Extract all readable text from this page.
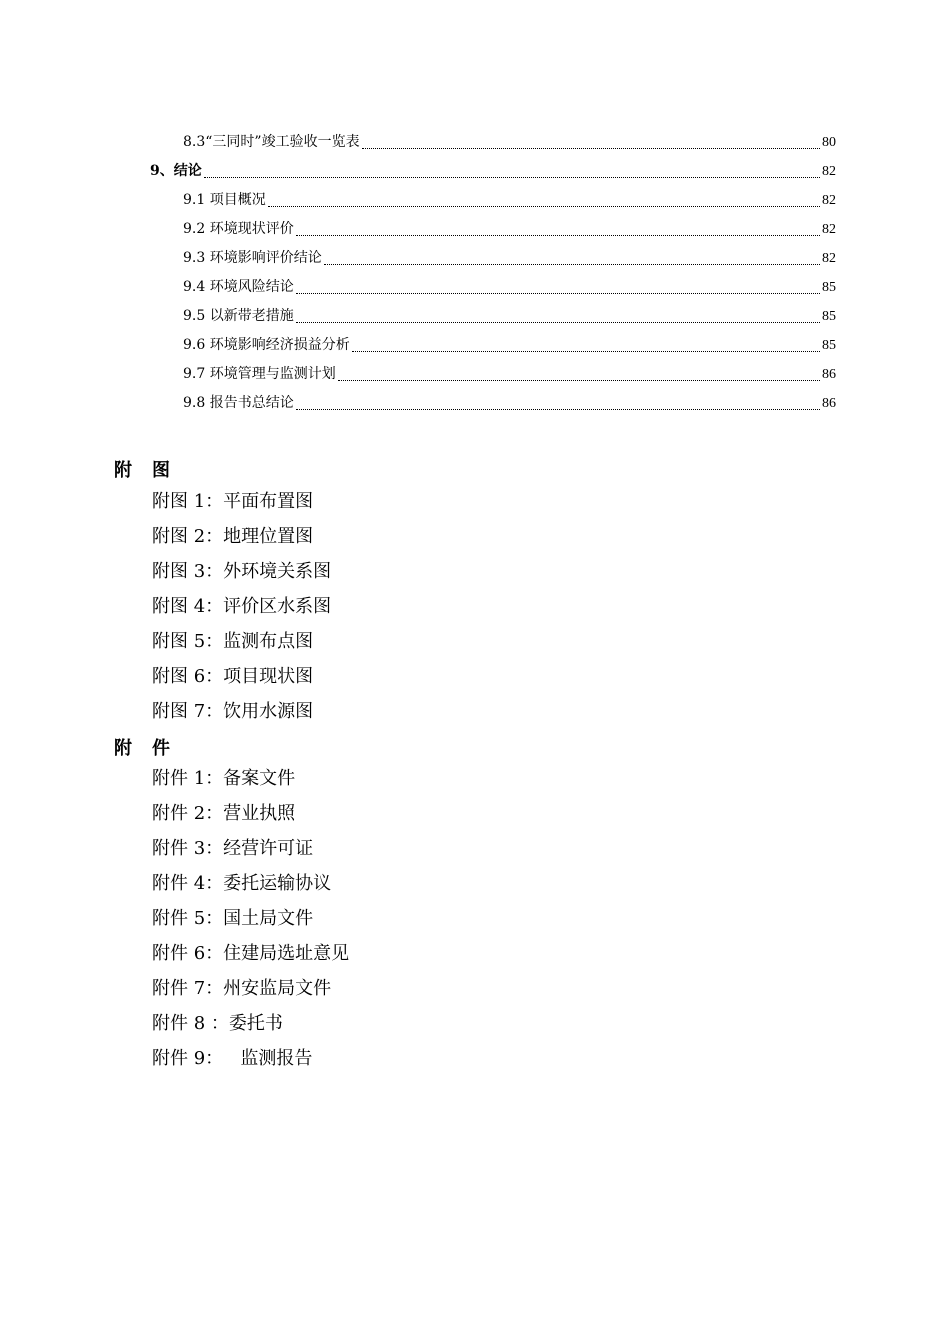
8.3“三同时”竣工验收一览表	80
9、结论	82
9.1 项目概况	82
9.2 环境现状评价	82
9.3 环境影响评价结论	82
9.4 环境风险结论	85
9.5 以新带老措施	85
9.6 环境影响经济损益分析	85
9.7 环境管理与监测计划	86
9.8 报告书总结论	86
附 图
附图 1：平面布置图
附图 2：地理位置图
附图 3：外环境关系图
附图 4：评价区水系图
附图 5：监测布点图
附图 6：项目现状图
附图 7：饮用水源图
附 件
附件 1：备案文件
附件 2：营业执照
附件 3：经营许可证
附件 4：委托运输协议
附件 5：国土局文件
附件 6：住建局选址意见
附件 7：州安监局文件
附件 8 ：委托书
附件 9：   监测报告
